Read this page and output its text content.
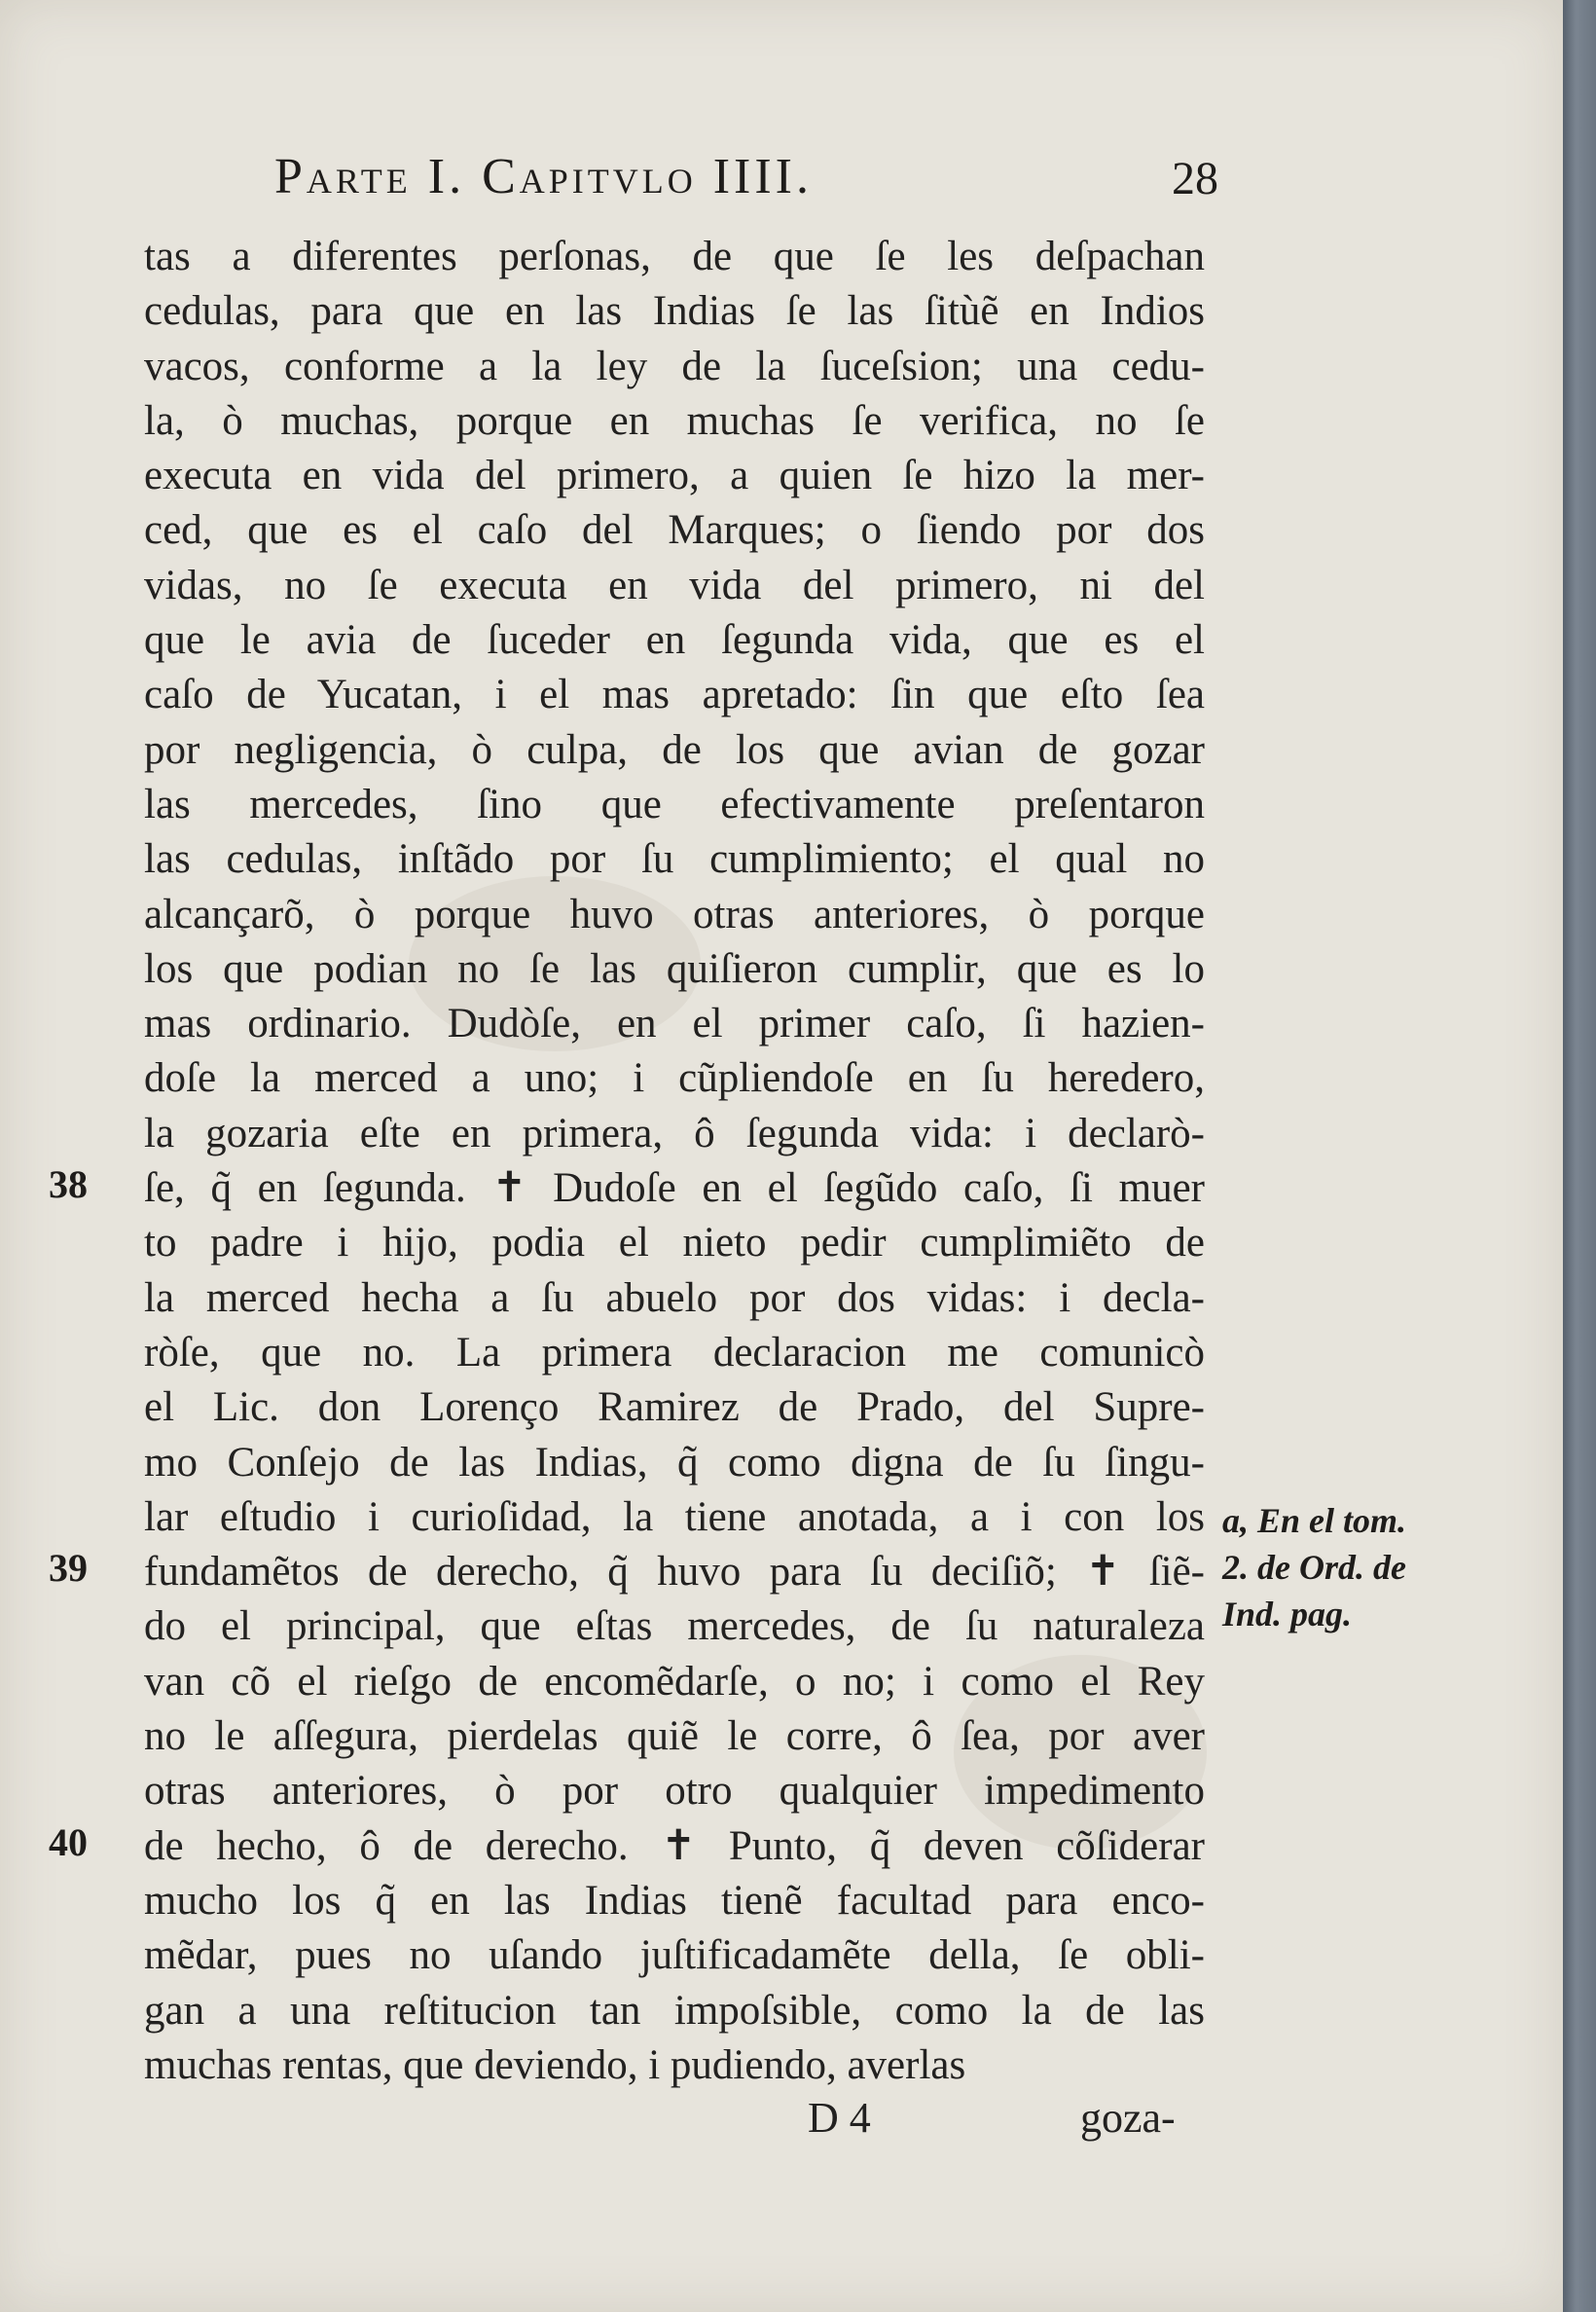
Parte I. Capitvlo IIII.	28
tas a diferentes perſonas, de que ſe les deſpachan
cedulas, para que en las Indias ſe las ſitùẽ en Indios
vacos, conforme a la ley de la ſuceſsion; una cedu-
la, ò muchas, porque en muchas ſe verifica, no ſe
executa en vida del primero, a quien ſe hizo la mer-
ced, que es el caſo del Marques; o ſiendo por dos
vidas, no ſe executa en vida del primero, ni del
que le avia de ſuceder en ſegunda vida, que es el
caſo de Yucatan, i el mas apretado: ſin que eſto ſea
por negligencia, ò culpa, de los que avian de gozar
las mercedes, ſino que efectivamente preſentaron
las cedulas, inſtãdo por ſu cumplimiento; el qual no
alcançarõ, ò porque huvo otras anteriores, ò porque
los que podian no ſe las quiſieron cumplir, que es lo
mas ordinario. Dudòſe, en el primer caſo, ſi hazien-
doſe la merced a uno; i cũpliendoſe en ſu heredero,
la gozaria eſte en primera, ô ſegunda vida: i declarò-
ſe, q̃ en ſegunda. ✝ Dudoſe en el ſegũdo caſo, ſi muer
to padre i hijo, podia el nieto pedir cumplimiẽto de
la merced hecha a ſu abuelo por dos vidas: i decla-
ròſe, que no. La primera declaracion me comunicò
el Lic. don Lorenço Ramirez de Prado, del Supre-
mo Conſejo de las Indias, q̃ como digna de ſu ſingu-
lar eſtudio i curioſidad, la tiene anotada, a i con los
fundamẽtos de derecho, q̃ huvo para ſu deciſiõ; ✝ ſiẽ-
do el principal, que eſtas mercedes, de ſu naturaleza
van cõ el rieſgo de encomẽdarſe, o no; i como el Rey
no le aſſegura, pierdelas quiẽ le corre, ô ſea, por aver
otras anteriores, ò por otro qualquier impedimento
de hecho, ô de derecho. ✝ Punto, q̃ deven cõſiderar
mucho los q̃ en las Indias tienẽ facultad para enco-
mẽdar, pues no uſando juſtificadamẽte della, ſe obli-
gan a una reſtitucion tan impoſsible, como la de las
muchas rentas, que deviendo, i pudiendo, averlas
38
39
40
a, En el tom.
2. de Ord. de
Ind. pag.
D 4	goza-
